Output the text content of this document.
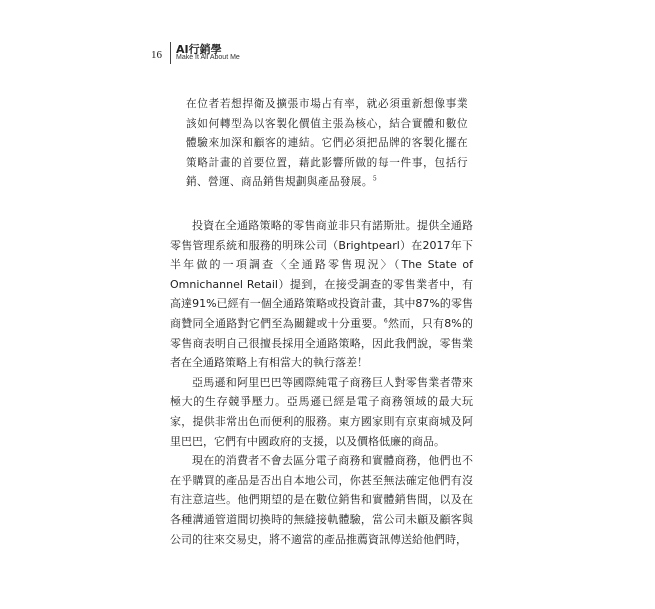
16 AI行銷學
Make It All About Me
在位者若想捍衛及擴張市場占有率，就必須重新想像事業該如何轉型為以客製化價值主張為核心，結合實體和數位體驗來加深和顧客的連結。它們必須把品牌的客製化擺在策略計畫的首要位置，藉此影響所做的每一件事，包括行銷、營運、商品銷售規劃與產品發展。$^5$

投資在全通路策略的零售商並非只有諾斯壯。提供全通路零售管理系統和服務的明珠公司（Brightpearl）在2017年下半年做的一項調查〈全通路零售現況〉（The State of Omnichannel Retail）提到，在接受調查的零售業者中，有高達91%已經有一個全通路策略或投資計畫，其中87%的零售商贊同全通路對它們至為關鍵或十分重要。$^6$然而，只有8%的零售商表明自己很擅長採用全通路策略，因此我們說，零售業者在全通路策略上有相當大的執行落差！

亞馬遜和阿里巴巴等國際純電子商務巨人對零售業者帶來極大的生存競爭壓力。亞馬遜已經是電子商務領域的最大玩家，提供非常出色而便利的服務。東方國家則有京東商城及阿里巴巴，它們有中國政府的支援，以及價格低廉的商品。

現在的消費者不會去區分電子商務和實體商務，他們也不在乎購買的產品是否出自本地公司，你甚至無法確定他們有沒有注意這些。他們期望的是在數位銷售和實體銷售間，以及在各種溝通管道間切換時的無縫接軌體驗，當公司未顧及顧客與公司的往來交易史，將不適當的產品推薦資訊傳送給他們時，
